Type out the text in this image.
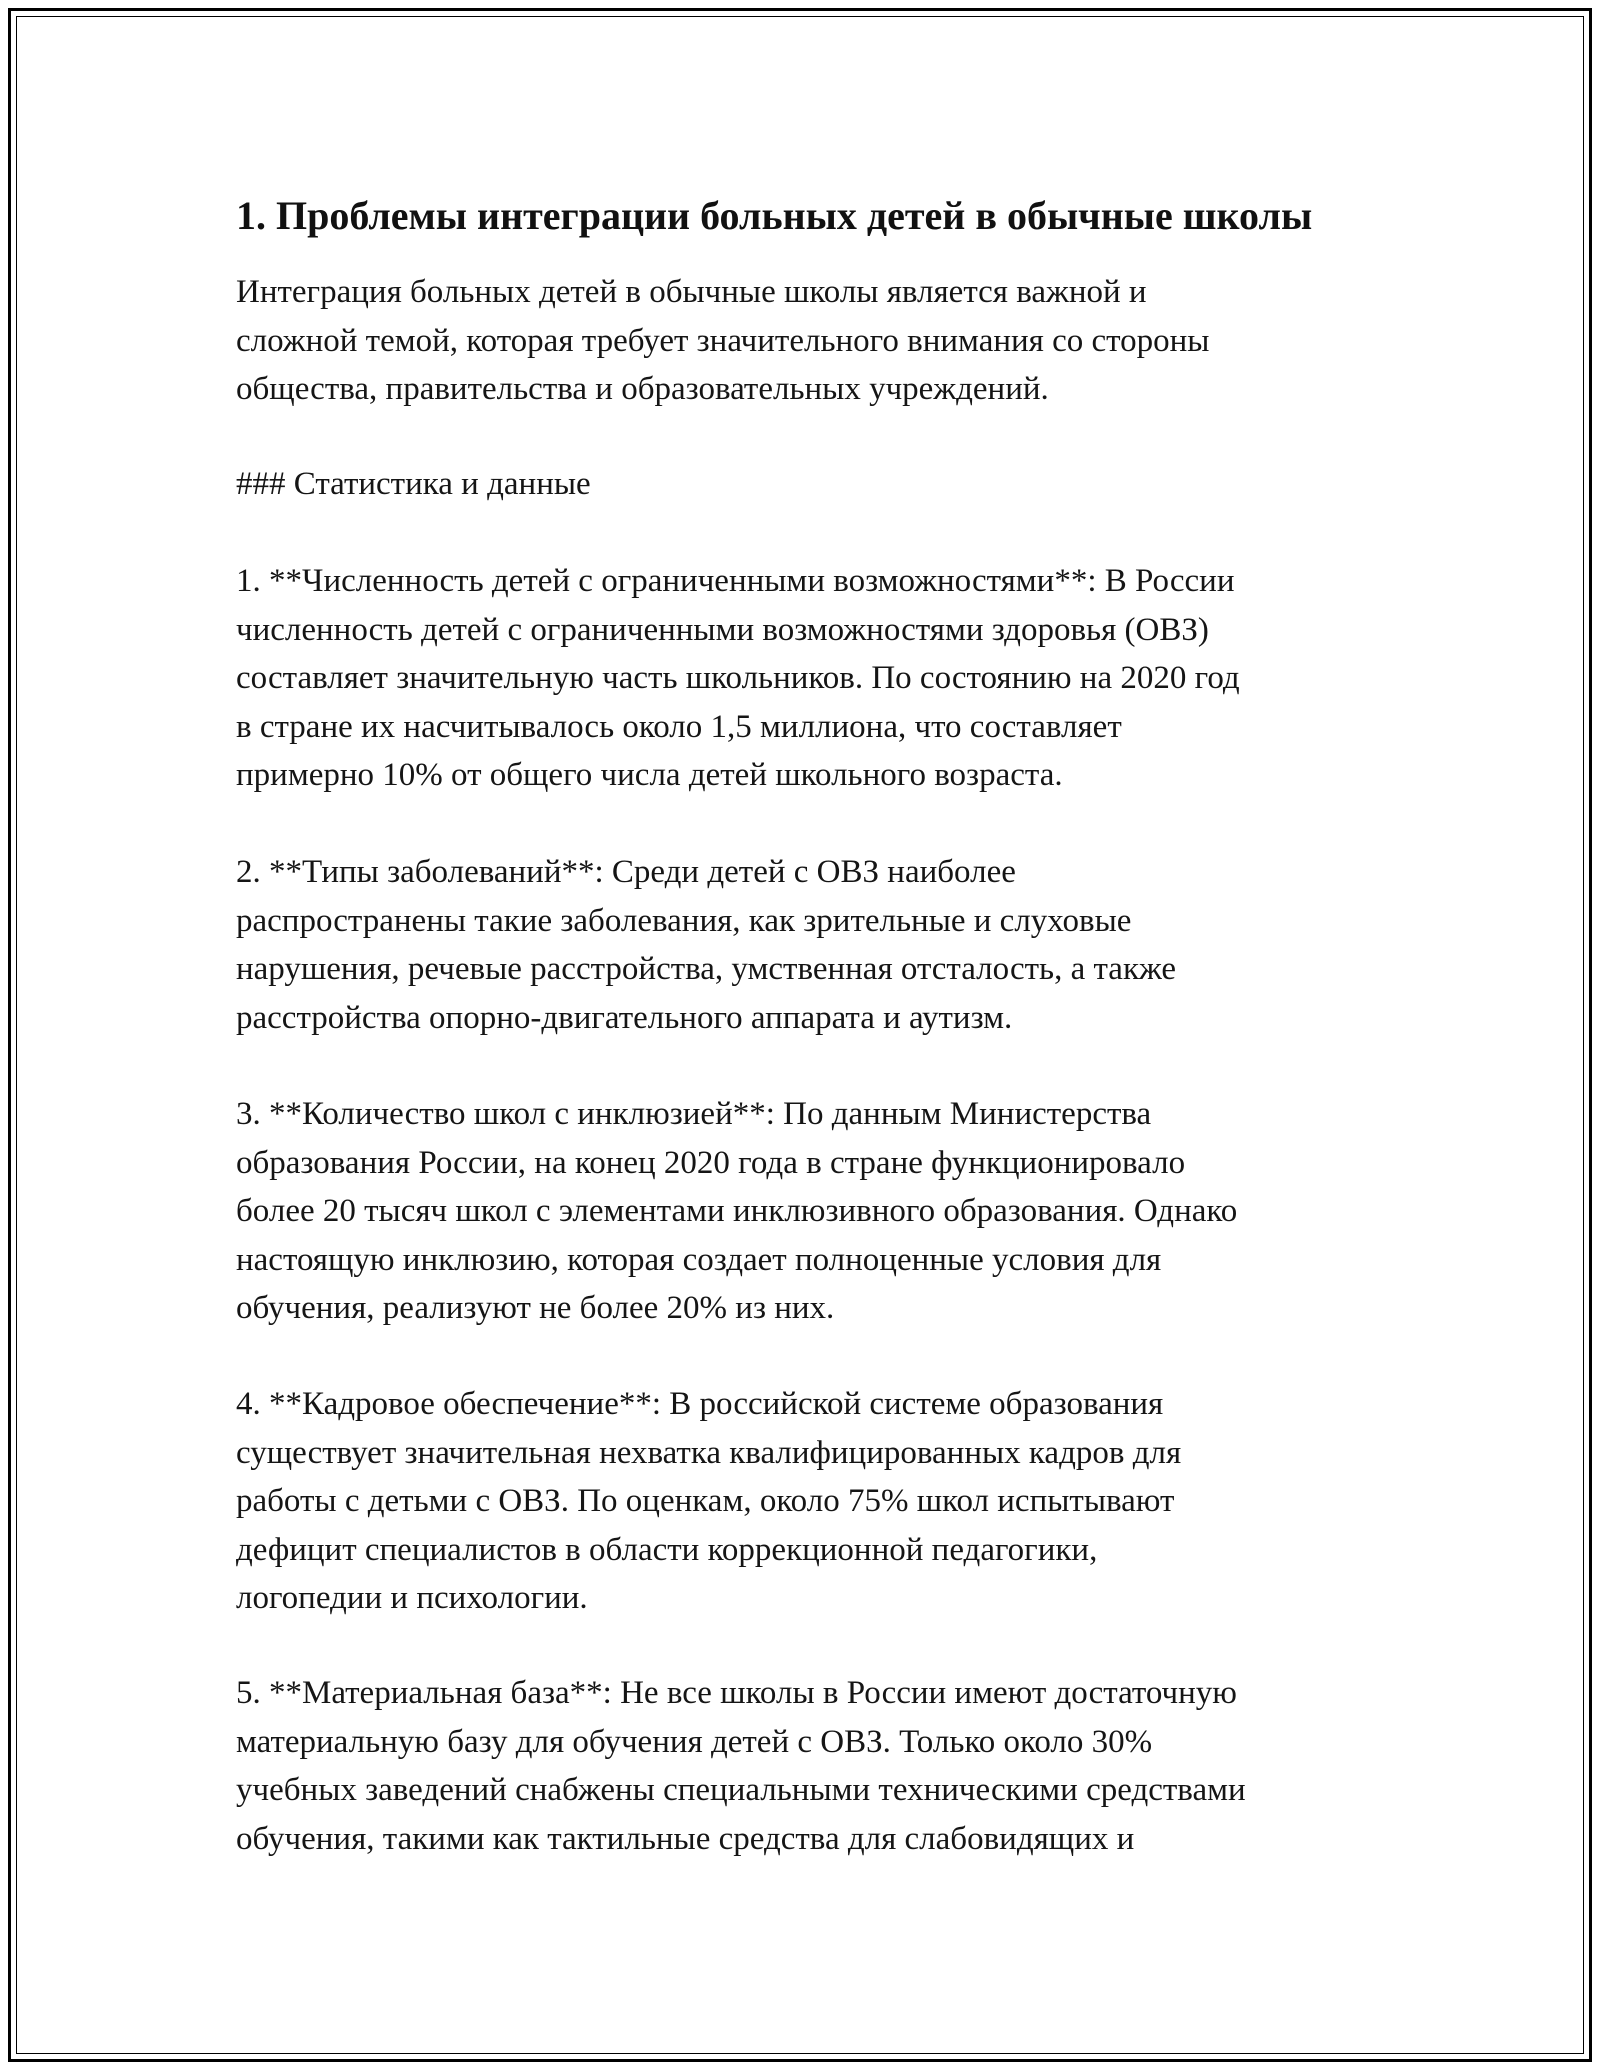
1. Проблемы интеграции больных детей в обычные школы

Интеграция больных детей в обычные школы является важной и
сложной темой, которая требует значительного внимания со стороны
общества, правительства и образовательных учреждений.

### Статистика и данные

1. **Численность детей с ограниченными возможностями**: В России
численность детей с ограниченными возможностями здоровья (ОВЗ)
составляет значительную часть школьников. По состоянию на 2020 год
в стране их насчитывалось около 1,5 миллиона, что составляет
примерно 10% от общего числа детей школьного возраста.

2. **Типы заболеваний**: Среди детей с ОВЗ наиболее
распространены такие заболевания, как зрительные и слуховые
нарушения, речевые расстройства, умственная отсталость, а также
расстройства опорно-двигательного аппарата и аутизм.

3. **Количество школ с инклюзией**: По данным Министерства
образования России, на конец 2020 года в стране функционировало
более 20 тысяч школ с элементами инклюзивного образования. Однако
настоящую инклюзию, которая создает полноценные условия для
обучения, реализуют не более 20% из них.

4. **Кадровое обеспечение**: В российской системе образования
существует значительная нехватка квалифицированных кадров для
работы с детьми с ОВЗ. По оценкам, около 75% школ испытывают
дефицит специалистов в области коррекционной педагогики,
логопедии и психологии.

5. **Материальная база**: Не все школы в России имеют достаточную
материальную базу для обучения детей с ОВЗ. Только около 30%
учебных заведений снабжены специальными техническими средствами
обучения, такими как тактильные средства для слабовидящих и
